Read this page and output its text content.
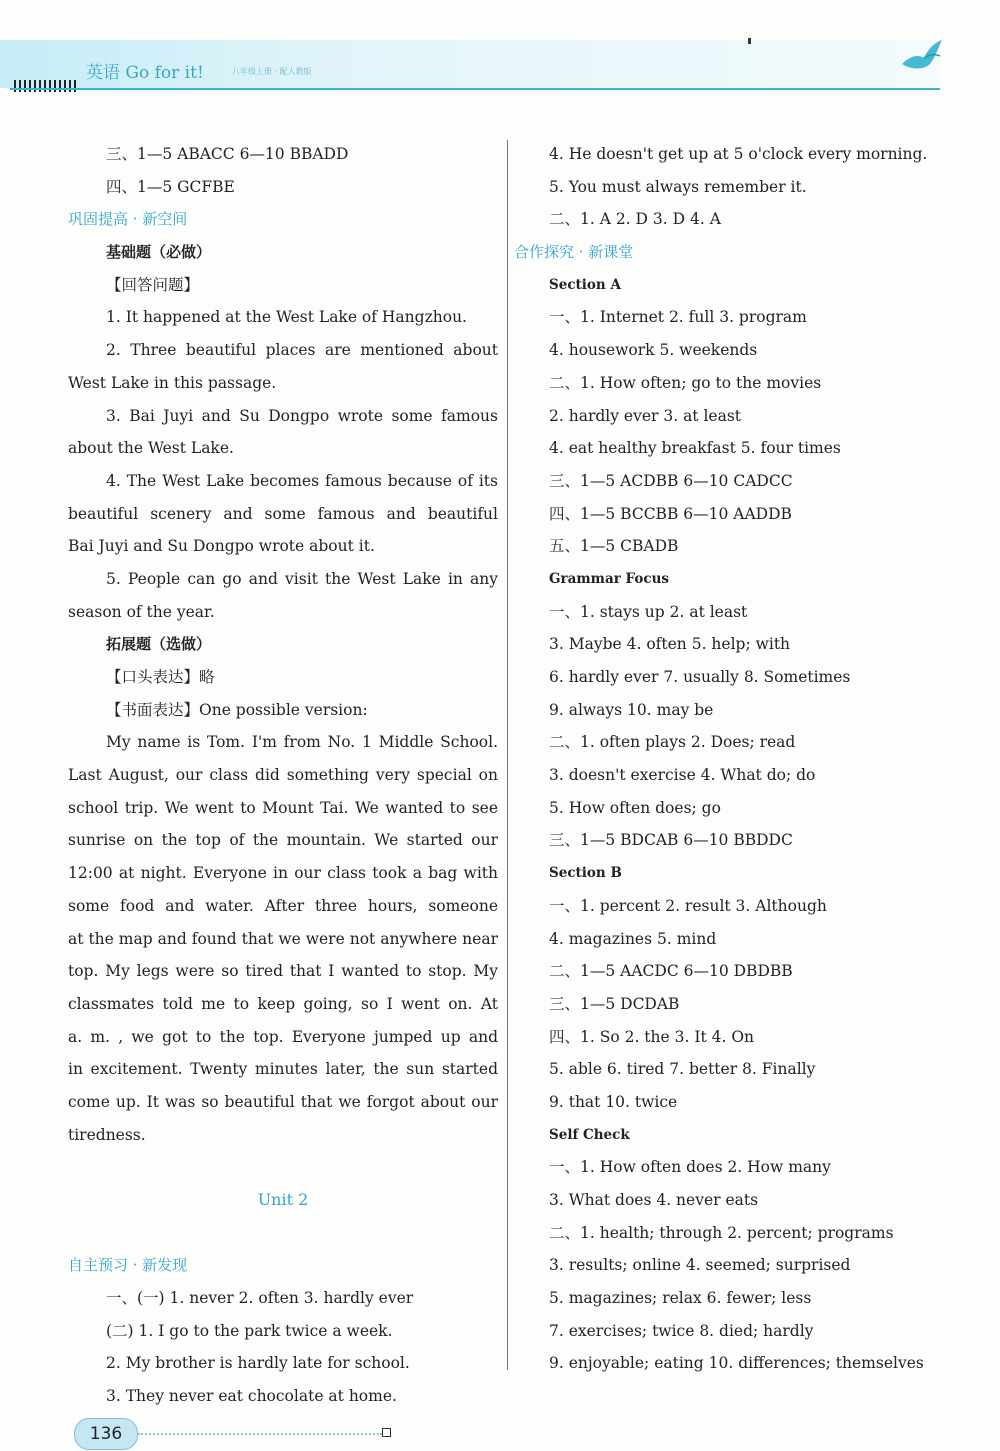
英语 Go for it!	八年级上册 · 配人教版
三、1—5 ABACC 6—10 BBADD
四、1—5 GCFBE
巩固提高 · 新空间
基础题（必做）
【回答问题】
1. It happened at the West Lake of Hangzhou.
2. Three beautiful places are mentioned about
West Lake in this passage.
3. Bai Juyi and Su Dongpo wrote some famous
about the West Lake.
4. The West Lake becomes famous because of its
beautiful scenery and some famous and beautiful
Bai Juyi and Su Dongpo wrote about it.
5. People can go and visit the West Lake in any
season of the year.
拓展题（选做）
【口头表达】略
【书面表达】One possible version:
My name is Tom. I'm from No. 1 Middle School.
Last August, our class did something very special on
school trip. We went to Mount Tai. We wanted to see
sunrise on the top of the mountain. We started our
12:00 at night. Everyone in our class took a bag with
some food and water. After three hours, someone
at the map and found that we were not anywhere near
top. My legs were so tired that I wanted to stop. My
classmates told me to keep going, so I went on. At
a. m. , we got to the top. Everyone jumped up and
in excitement. Twenty minutes later, the sun started
come up. It was so beautiful that we forgot about our
tiredness.
Unit 2
自主预习 · 新发现
一、(一) 1. never 2. often 3. hardly ever
(二) 1. I go to the park twice a week.
2. My brother is hardly late for school.
3. They never eat chocolate at home.
4. He doesn't get up at 5 o'clock every morning.
5. You must always remember it.
二、1. A 2. D 3. D 4. A
合作探究 · 新课堂
Section A
一、1. Internet 2. full 3. program
4. housework 5. weekends
二、1. How often; go to the movies
2. hardly ever 3. at least
4. eat healthy breakfast 5. four times
三、1—5 ACDBB 6—10 CADCC
四、1—5 BCCBB 6—10 AADDB
五、1—5 CBADB
Grammar Focus
一、1. stays up 2. at least
3. Maybe 4. often 5. help; with
6. hardly ever 7. usually 8. Sometimes
9. always 10. may be
二、1. often plays 2. Does; read
3. doesn't exercise 4. What do; do
5. How often does; go
三、1—5 BDCAB 6—10 BBDDC
Section B
一、1. percent 2. result 3. Although
4. magazines 5. mind
二、1—5 AACDC 6—10 DBDBB
三、1—5 DCDAB
四、1. So 2. the 3. It 4. On
5. able 6. tired 7. better 8. Finally
9. that 10. twice
Self Check
一、1. How often does 2. How many
3. What does 4. never eats
二、1. health; through 2. percent; programs
3. results; online 4. seemed; surprised
5. magazines; relax 6. fewer; less
7. exercises; twice 8. died; hardly
9. enjoyable; eating 10. differences; themselves
136
